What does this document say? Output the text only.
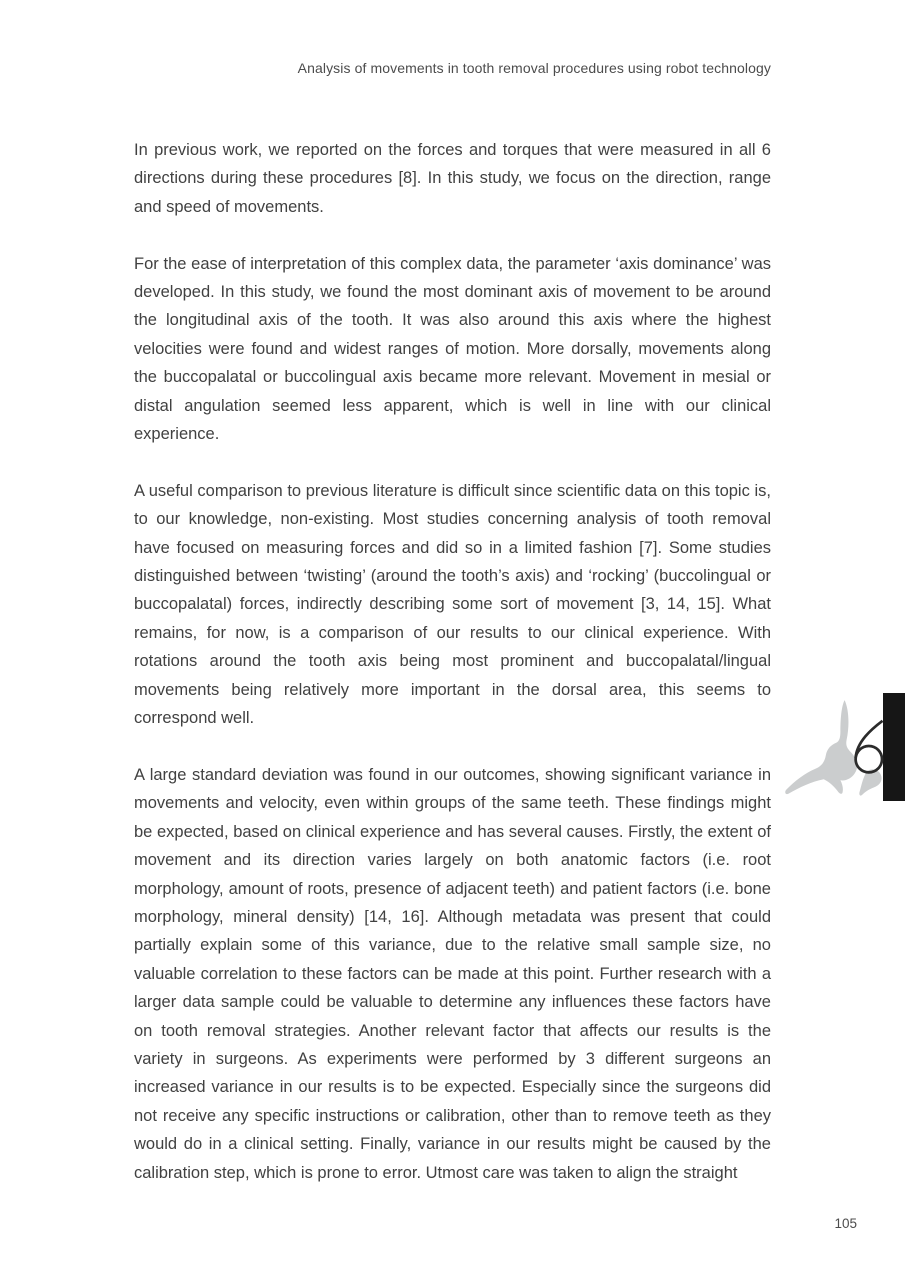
Analysis of movements in tooth removal procedures using robot technology

In previous work, we reported on the forces and torques that were measured in all 6 directions during these procedures [8]. In this study, we focus on the direction, range and speed of movements.

For the ease of interpretation of this complex data, the parameter ‘axis dominance’ was developed. In this study, we found the most dominant axis of movement to be around the longitudinal axis of the tooth. It was also around this axis where the highest velocities were found and widest ranges of motion. More dorsally, movements along the buccopalatal or buccolingual axis became more relevant. Movement in mesial or distal angulation seemed less apparent, which is well in line with our clinical experience.

A useful comparison to previous literature is difficult since scientific data on this topic is, to our knowledge, non-existing. Most studies concerning analysis of tooth removal have focused on measuring forces and did so in a limited fashion [7]. Some studies distinguished between ‘twisting’ (around the tooth’s axis) and ‘rocking’ (buccolingual or buccopalatal) forces, indirectly describing some sort of movement [3, 14, 15]. What remains, for now, is a comparison of our results to our clinical experience. With rotations around the tooth axis being most prominent and buccopalatal/lingual movements being relatively more important in the dorsal area, this seems to correspond well.

A large standard deviation was found in our outcomes, showing significant variance in movements and velocity, even within groups of the same teeth. These findings might be expected, based on clinical experience and has several causes. Firstly, the extent of movement and its direction varies largely on both anatomic factors (i.e. root morphology, amount of roots, presence of adjacent teeth) and patient factors (i.e. bone morphology, mineral density) [14, 16]. Although metadata was present that could partially explain some of this variance, due to the relative small sample size, no valuable correlation to these factors can be made at this point. Further research with a larger data sample could be valuable to determine any influences these factors have on tooth removal strategies. Another relevant factor that affects our results is the variety in surgeons. As experiments were performed by 3 different surgeons an increased variance in our results is to be expected. Especially since the surgeons did not receive any specific instructions or calibration, other than to remove teeth as they would do in a clinical setting. Finally, variance in our results might be caused by the calibration step, which is prone to error. Utmost care was taken to align the straight

105
